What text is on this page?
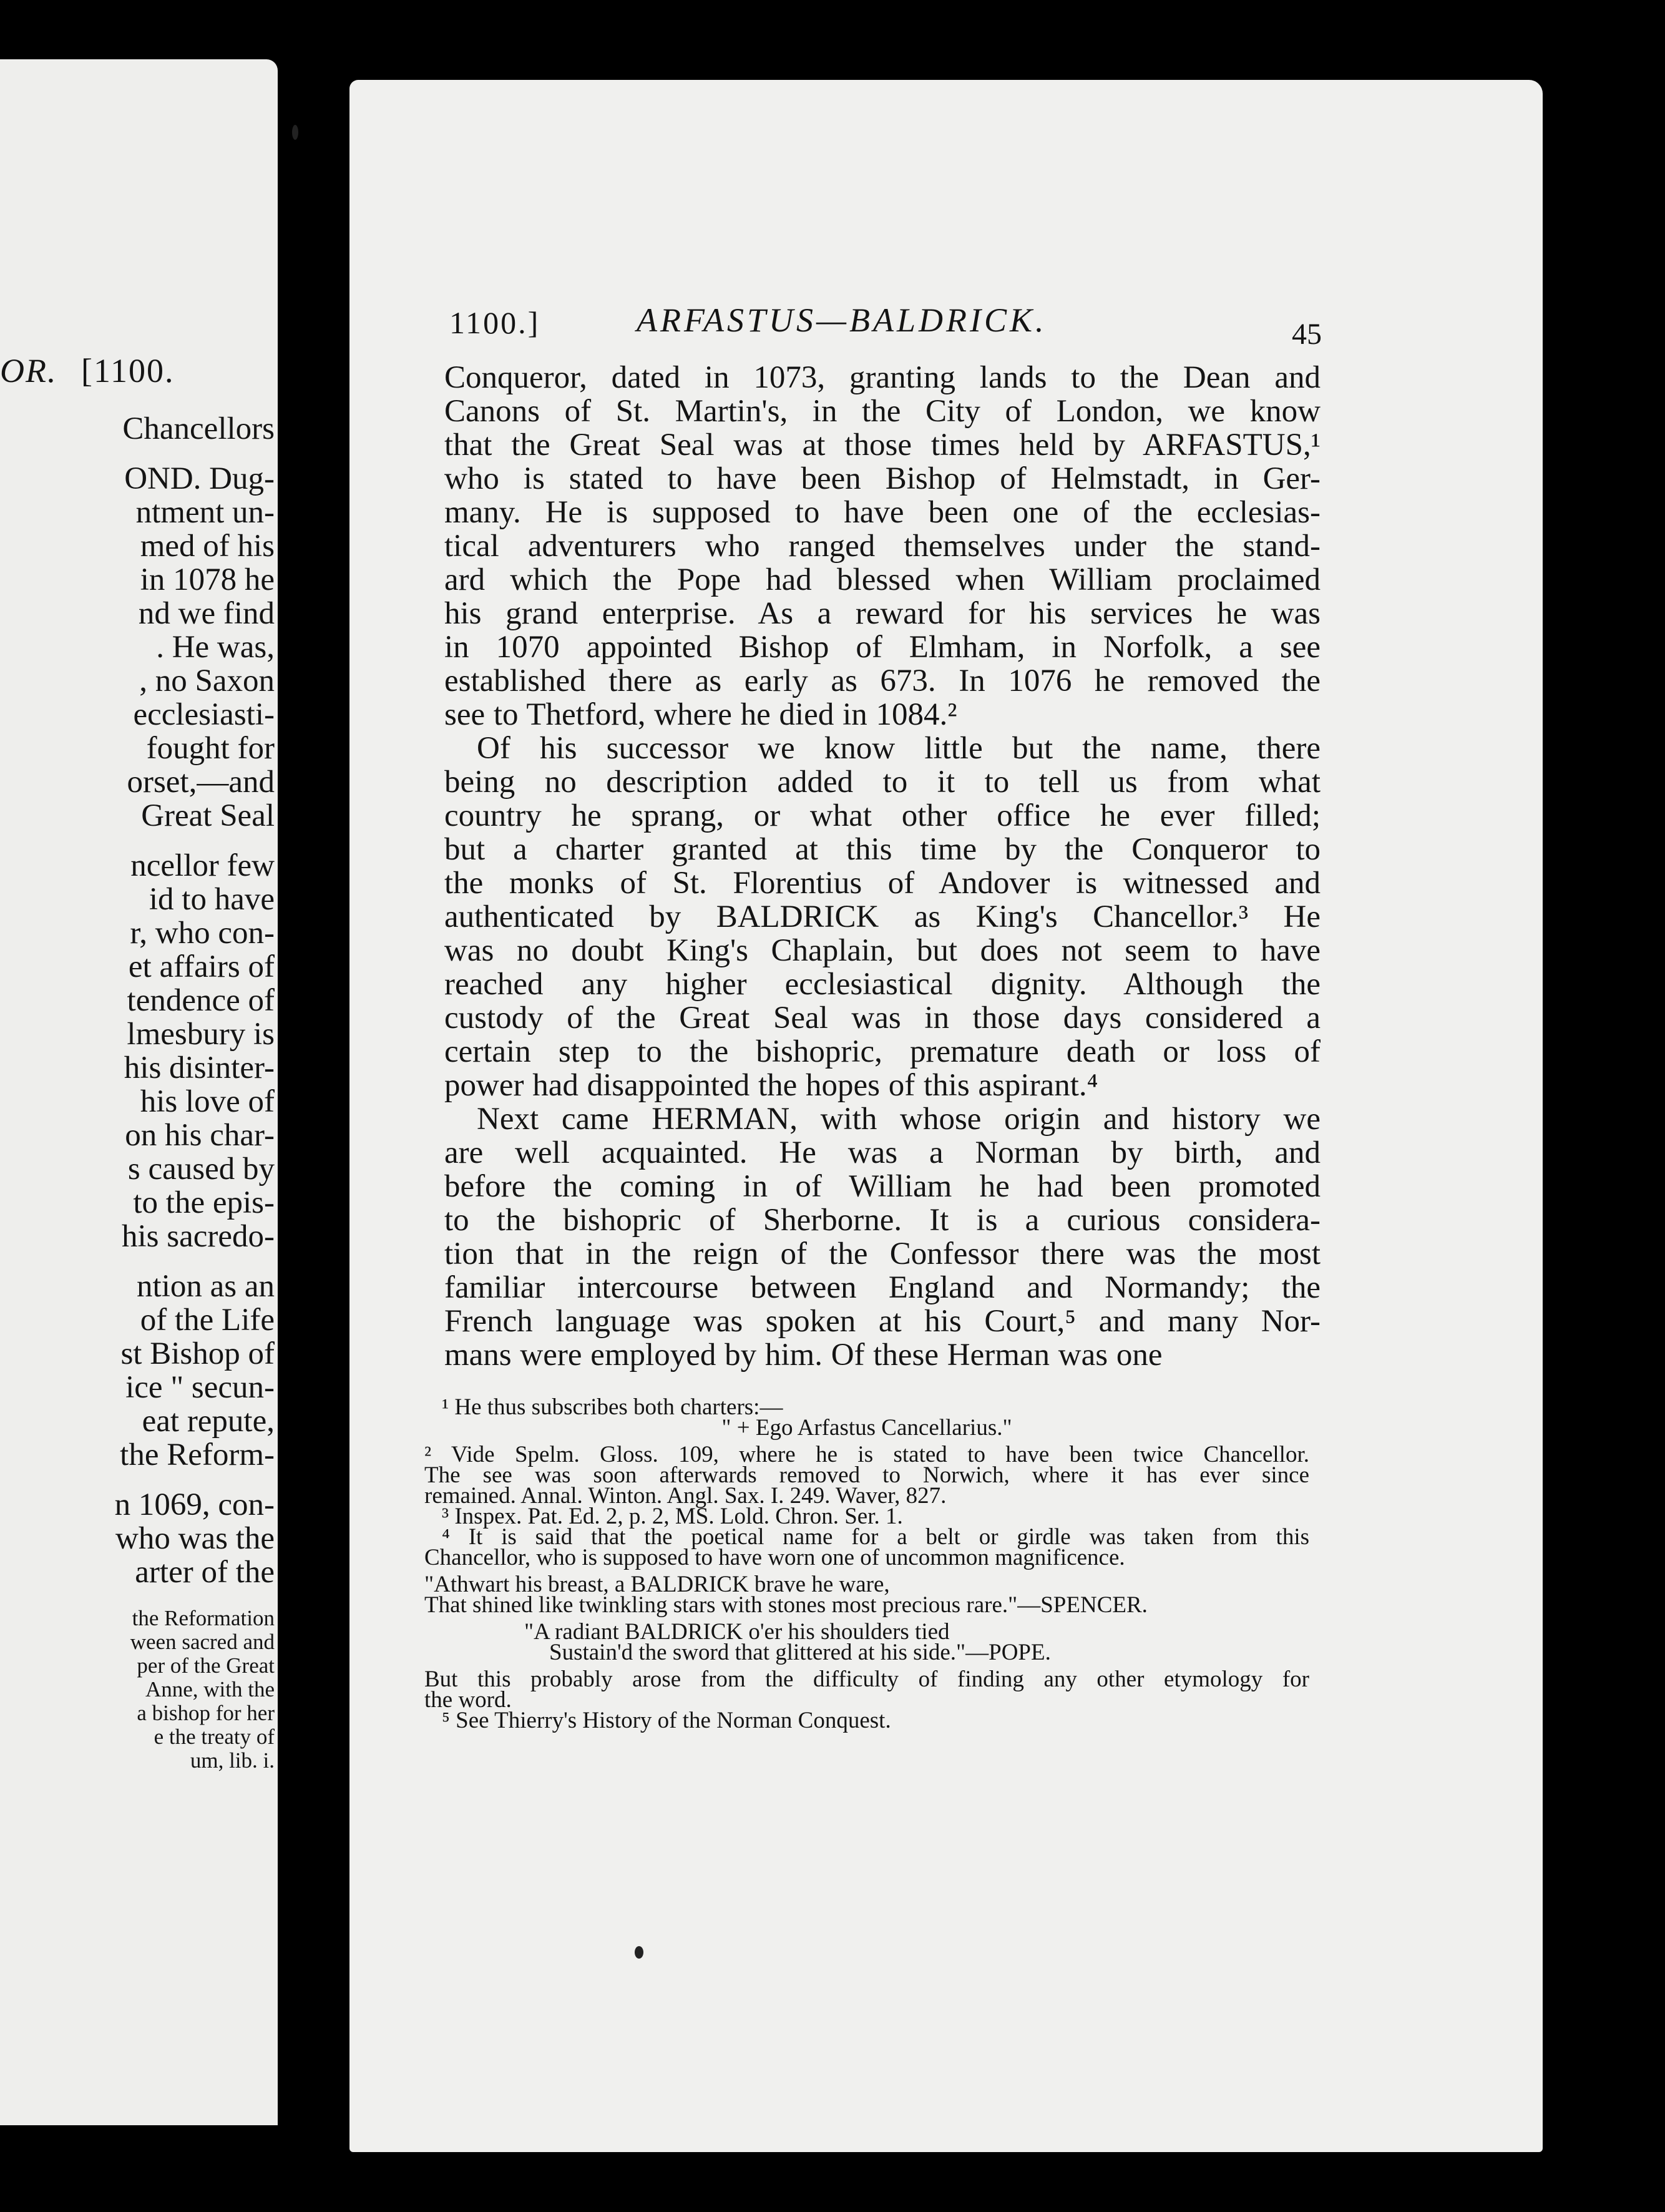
OR. [1100.
Chancellors
OND. Dug-
ntment un-
med of his
in 1078 he
nd we find
. He was,
, no Saxon
ecclesiasti-
fought for
orset,—and
Great Seal
ncellor few
id to have
r, who con-
et affairs of
tendence of
lmesbury is
his disinter-
his love of
on his char-
s caused by
to the epis-
his sacredo-
ntion as an
of the Life
st Bishop of
ice " secun-
eat repute,
the Reform-
n 1069, con-
who was the
arter of the
the Reformation
ween sacred and
per of the Great
Anne, with the
a bishop for her
e the treaty of
um, lib. i.
1100.]	ARFASTUS—BALDRICK.	45
Conqueror, dated in 1073, granting lands to the Dean and
Canons of St. Martin's, in the City of London, we know
that the Great Seal was at those times held by ARFASTUS,¹
who is stated to have been Bishop of Helmstadt, in Ger-
many. He is supposed to have been one of the ecclesias-
tical adventurers who ranged themselves under the stand-
ard which the Pope had blessed when William proclaimed
his grand enterprise. As a reward for his services he was
in 1070 appointed Bishop of Elmham, in Norfolk, a see
established there as early as 673. In 1076 he removed the
see to Thetford, where he died in 1084.²
Of his successor we know little but the name, there
being no description added to it to tell us from what
country he sprang, or what other office he ever filled;
but a charter granted at this time by the Conqueror to
the monks of St. Florentius of Andover is witnessed and
authenticated by BALDRICK as King's Chancellor.³ He
was no doubt King's Chaplain, but does not seem to have
reached any higher ecclesiastical dignity. Although the
custody of the Great Seal was in those days considered a
certain step to the bishopric, premature death or loss of
power had disappointed the hopes of this aspirant.⁴
Next came HERMAN, with whose origin and history we
are well acquainted. He was a Norman by birth, and
before the coming in of William he had been promoted
to the bishopric of Sherborne. It is a curious considera-
tion that in the reign of the Confessor there was the most
familiar intercourse between England and Normandy; the
French language was spoken at his Court,⁵ and many Nor-
mans were employed by him. Of these Herman was one
¹ He thus subscribes both charters:—
" + Ego Arfastus Cancellarius."
² Vide Spelm. Gloss. 109, where he is stated to have been twice Chancellor.
The see was soon afterwards removed to Norwich, where it has ever since
remained. Annal. Winton. Angl. Sax. I. 249. Waver, 827.
³ Inspex. Pat. Ed. 2, p. 2, MS. Lold. Chron. Ser. 1.
⁴ It is said that the poetical name for a belt or girdle was taken from this
Chancellor, who is supposed to have worn one of uncommon magnificence.
"Athwart his breast, a BALDRICK brave he ware,
That shined like twinkling stars with stones most precious rare."—SPENCER.
"A radiant BALDRICK o'er his shoulders tied
Sustain'd the sword that glittered at his side."—POPE.
But this probably arose from the difficulty of finding any other etymology for
the word.
⁵ See Thierry's History of the Norman Conquest.
